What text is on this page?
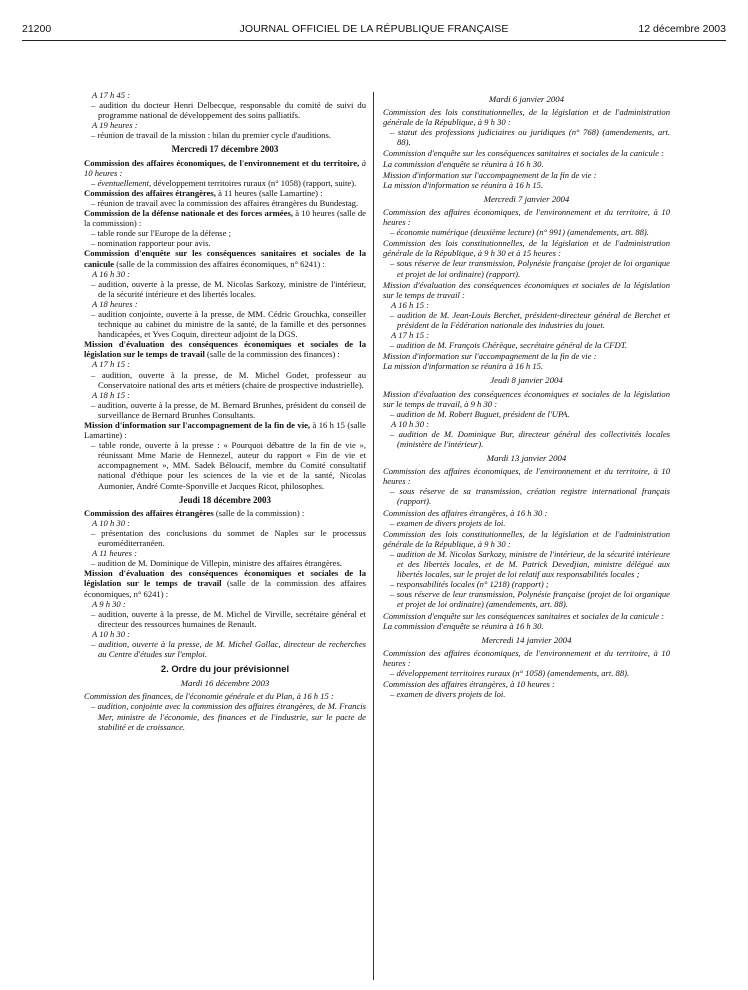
21200	JOURNAL OFFICIEL DE LA RÉPUBLIQUE FRANÇAISE	12 décembre 2003

A 17 h 45 :

– audition du docteur Henri Delbecque, responsable du comité de suivi du programme national de développement des soins palliatifs.

A 19 heures :

– réunion de travail de la mission : bilan du premier cycle d'auditions.

Mercredi 17 décembre 2003

Commission des affaires économiques, de l'environnement et du territoire, à 10 heures :

– éventuellement, développement territoires ruraux (n° 1058) (rapport, suite).

Commission des affaires étrangères, à 11 heures (salle Lamartine) :

– réunion de travail avec la commission des affaires étrangères du Bundestag.

Commission de la défense nationale et des forces armées, à 10 heures (salle de la commission) :

– table ronde sur l'Europe de la défense ;

– nomination rapporteur pour avis.

Commission d'enquête sur les conséquences sanitaires et sociales de la canicule (salle de la commission des affaires économiques, n° 6241) :

A 16 h 30 :

– audition, ouverte à la presse, de M. Nicolas Sarkozy, ministre de l'intérieur, de la sécurité intérieure et des libertés locales.

A 18 heures :

– audition conjointe, ouverte à la presse, de MM. Cédric Grouchka, conseiller technique au cabinet du ministre de la santé, de la famille et des personnes handicapées, et Yves Coquin, directeur adjoint de la DGS.

Mission d'évaluation des conséquences économiques et sociales de la législation sur le temps de travail (salle de la commission des finances) :

A 17 h 15 :

– audition, ouverte à la presse, de M. Michel Godet, professeur au Conservatoire national des arts et métiers (chaire de prospective industrielle).

A 18 h 15 :

– audition, ouverte à la presse, de M. Bernard Brunhes, président du conseil de surveillance de Bernard Brunhes Consultants.

Mission d'information sur l'accompagnement de la fin de vie, à 16 h 15 (salle Lamartine) :

– table ronde, ouverte à la presse : « Pourquoi débattre de la fin de vie », réunissant Mme Marie de Hennezel, auteur du rapport « Fin de vie et accompagnement », MM. Sadek Béloucif, membre du Comité consultatif national d'éthique pour les sciences de la vie et de la santé, Nicolas Aumonier, André Comte-Sponville et Jacques Ricot, philosophes.

Jeudi 18 décembre 2003

Commission des affaires étrangères (salle de la commission) :

A 10 h 30 :

– présentation des conclusions du sommet de Naples sur le processus euroméditerranéen.

A 11 heures :

– audition de M. Dominique de Villepin, ministre des affaires étrangères.

Mission d'évaluation des conséquences économiques et sociales de la législation sur le temps de travail (salle de la commission des affaires économiques, n° 6241) :

A 9 h 30 :

– audition, ouverte à la presse, de M. Michel de Virville, secrétaire général et directeur des ressources humaines de Renault.

A 10 h 30 :

– audition, ouverte à la presse, de M. Michel Gollac, directeur de recherches au Centre d'études sur l'emploi.

2. Ordre du jour prévisionnel

Mardi 16 décembre 2003

Commission des finances, de l'économie générale et du Plan, à 16 h 15 :

– audition, conjointe avec la commission des affaires étrangères, de M. Francis Mer, ministre de l'économie, des finances et de l'industrie, sur le pacte de stabilité et de croissance.

Mardi 6 janvier 2004

Commission des lois constitutionnelles, de la législation et de l'administration générale de la République, à 9 h 30 :

– statut des professions judiciaires ou juridiques (n° 768) (amendements, art. 88).

Commission d'enquête sur les conséquences sanitaires et sociales de la canicule :

La commission d'enquête se réunira à 16 h 30.

Mission d'information sur l'accompagnement de la fin de vie :

La mission d'information se réunira à 16 h 15.

Mercredi 7 janvier 2004

Commission des affaires économiques, de l'environnement et du territoire, à 10 heures :

– économie numérique (deuxième lecture) (n° 991) (amendements, art. 88).

Commission des lois constitutionnelles, de la législation et de l'administration générale de la République, à 9 h 30 et à 15 heures :

– sous réserve de leur transmission, Polynésie française (projet de loi organique et projet de loi ordinaire) (rapport).

Mission d'évaluation des conséquences économiques et sociales de la législation sur le temps de travail :

A 16 h 15 :

– audition de M. Jean-Louis Berchet, président-directeur général de Berchet et président de la Fédération nationale des industries du jouet.

A 17 h 15 :

– audition de M. François Chérèque, secrétaire général de la CFDT.

Mission d'information sur l'accompagnement de la fin de vie :

La mission d'information se réunira à 16 h 15.

Jeudi 8 janvier 2004

Mission d'évaluation des conséquences économiques et sociales de la législation sur le temps de travail, à 9 h 30 :

– audition de M. Robert Buguet, président de l'UPA.

A 10 h 30 :

– audition de M. Dominique Bur, directeur général des collectivités locales (ministère de l'intérieur).

Mardi 13 janvier 2004

Commission des affaires économiques, de l'environnement et du territoire, à 10 heures :

– sous réserve de sa transmission, création registre international français (rapport).

Commission des affaires étrangères, à 16 h 30 :

– examen de divers projets de loi.

Commission des lois constitutionnelles, de la législation et de l'administration générale de la République, à 9 h 30 :

– audition de M. Nicolas Sarkozy, ministre de l'intérieur, de la sécurité intérieure et des libertés locales, et de M. Patrick Devedjian, ministre délégué aux libertés locales, sur le projet de loi relatif aux responsabilités locales ;

– responsabilités locales (n° 1218) (rapport) ;

– sous réserve de leur transmission, Polynésie française (projet de loi organique et projet de loi ordinaire) (amendements, art. 88).

Commission d'enquête sur les conséquences sanitaires et sociales de la canicule :

La commission d'enquête se réunira à 16 h 30.

Mercredi 14 janvier 2004

Commission des affaires économiques, de l'environnement et du territoire, à 10 heures :

– développement territoires ruraux (n° 1058) (amendements, art. 88).

Commission des affaires étrangères, à 10 heures :

– examen de divers projets de loi.
